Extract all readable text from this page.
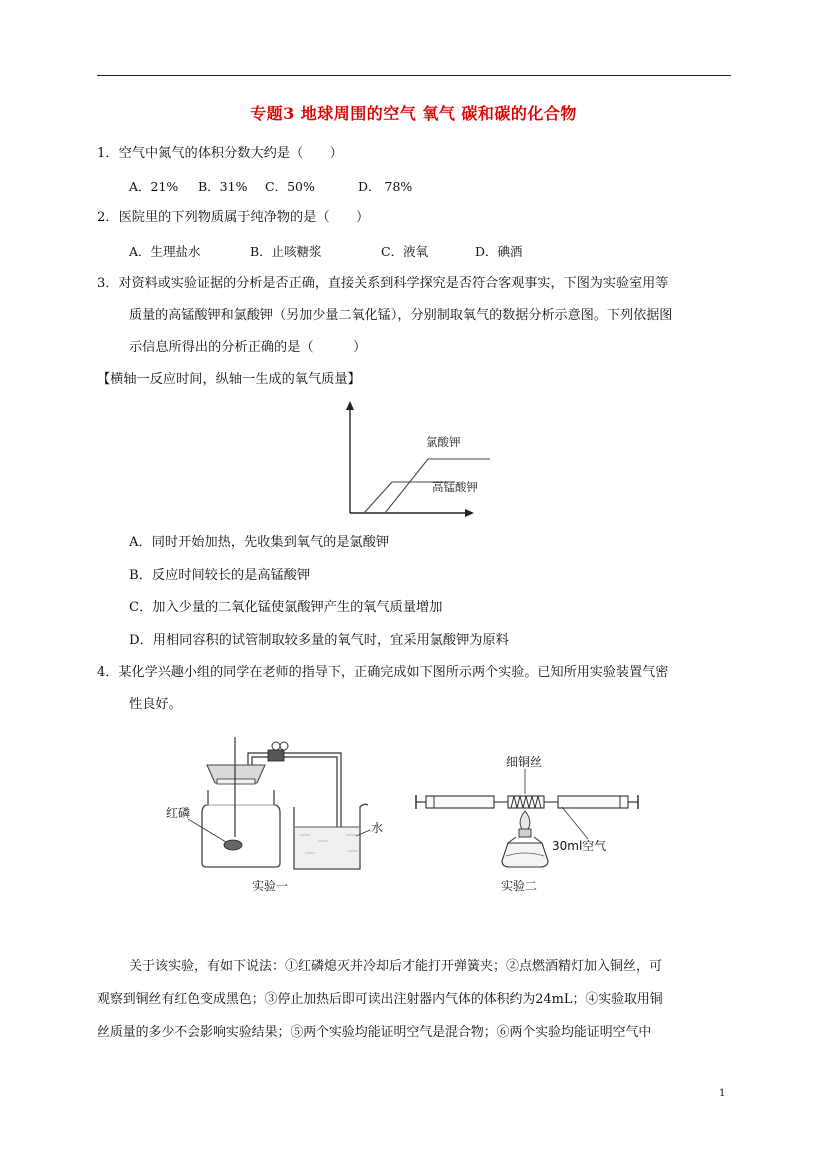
专题3 地球周围的空气 氧气 碳和碳的化合物
1．空气中氮气的体积分数大约是（　　）
A．21% B．31% C．50%	D． 78%
2．医院里的下列物质属于纯净物的是（　　）
A．生理盐水	B．止咳糖浆	C．液氧	D．碘酒
3．对资料或实验证据的分析是否正确，直接关系到科学探究是否符合客观事实，下图为实验室用等
质量的高锰酸钾和氯酸钾（另加少量二氧化锰），分别制取氧气的数据分析示意图。下列依据图
示信息所得出的分析正确的是（　　　）
【横轴一反应时间，纵轴一生成的氧气质量】
氯酸钾
高锰酸钾
A．同时开始加热，先收集到氧气的是氯酸钾
B．反应时间较长的是高锰酸钾
C．加入少量的二氧化锰使氯酸钾产生的氧气质量增加
D．用相同容积的试管制取较多量的氧气时，宜采用氯酸钾为原料
4．某化学兴趣小组的同学在老师的指导下，正确完成如下图所示两个实验。已知所用实验装置气密
性良好。
红磷
水
实验一
细铜丝
30ml空气
实验二
关于该实验，有如下说法：①红磷熄灭并冷却后才能打开弹簧夹；②点燃酒精灯加入铜丝，可
观察到铜丝有红色变成黑色；③停止加热后即可读出注射器内气体的体积约为24mL；④实验取用铜
丝质量的多少不会影响实验结果；⑤两个实验均能证明空气是混合物；⑥两个实验均能证明空气中
1
